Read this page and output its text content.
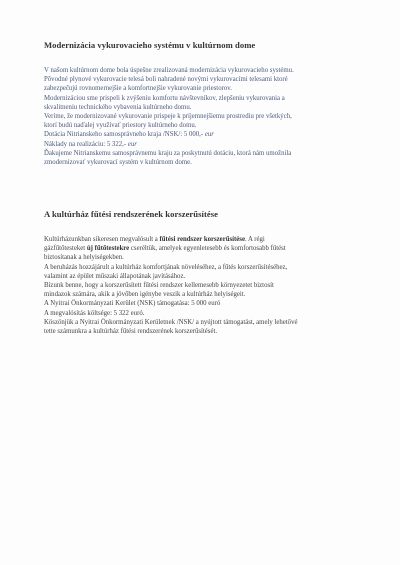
Modernizácia vykurovacieho systému v kultúrnom dome
V našom kultúrnom dome bola úspešne zrealizovaná modernizácia vykurovacieho systému.
Pôvodné plynové vykurovacie telesá boli nahradené novými vykurovacími telesami ktoré
zabezpečujú rovnomernejšie a komfortnejšie vykurovanie priestorov.
Modernizáciou sme prispeli k zvýšeniu komfortu návštevníkov, zlepšeniu vykurovania a
skvalitneniu technického vybavenia kultúrneho domu.
Veríme, že modernizované vykurovanie prispeje k príjemnejšiemu prostrediu pre všetkých,
ktorí budú naďalej využívať priestory kultúrneho domu.
Dotácia Nitrianskeho samosprávneho kraja /NSK/: 5 000,- eur
Náklady na realizáciu: 5 322,- eur
Ďakujeme Nitrianskemu samosprávnemu kraju za poskytnutú dotáciu, ktorá nám umožnila
zmodernizovať vykurovací systém v kultúrnom dome.
A kultúrház fűtési rendszerének korszerűsítése
Kultúrházunkban sikeresen megvalósult a fűtési rendszer korszerűsítése. A régi
gázfűtőtesteket új fűtőtestekre cseréltük, amelyek egyenletesebb és komfortosabb fűtést
biztosítanak a helyiségekben.
A beruházás hozzájárult a kultúrház komfortjának növeléséhez, a fűtés korszerűsítéséhez,
valamint az épület műszaki állapotának javításához.
Bízunk benne, hogy a korszerűsített fűtési rendszer kellemesebb környezetet biztosít
mindazok számára, akik a jövőben igénybe veszik a kultúrház helyiségeit.
A Nyitrai Önkormányzati Kerület (NSK) támogatása: 5 000 euró
A megvalósítás költsége: 5 322 euró.
Köszönjük a Nyitrai Önkormányzati Kerületnek /NSK/ a nyújtott támogatást, amely lehetővé
tette számunkra a kultúrház fűtési rendszerének korszerűsítését.
